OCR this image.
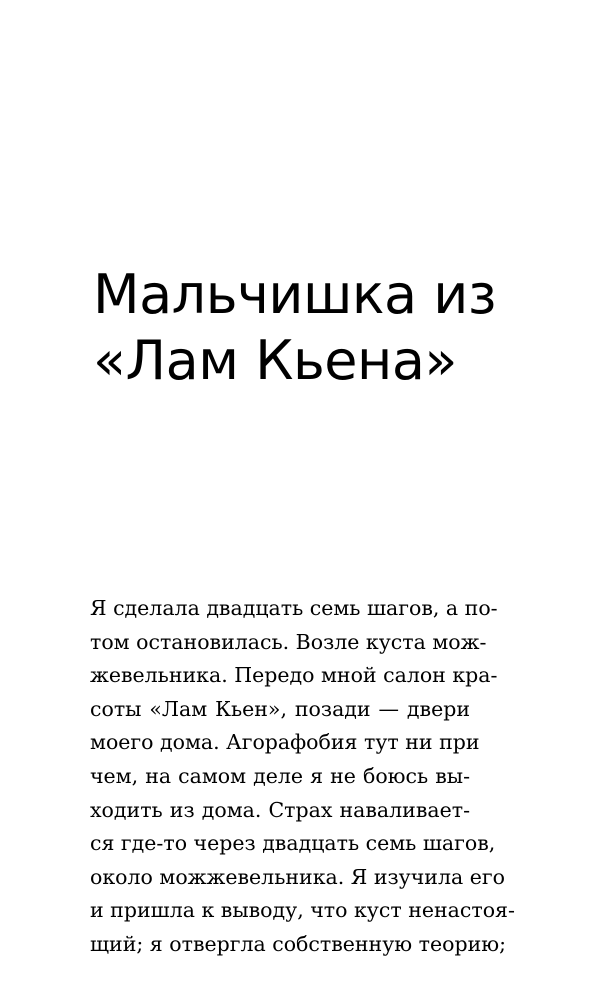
Мальчишка из
«Лам Кьена»
Я сделала двадцать семь шагов, а по-
том остановилась. Возле куста мож-
жевельника. Передо мной салон кра-
соты «Лам Кьен», позади — двери
моего дома. Агорафобия тут ни при
чем, на самом деле я не боюсь вы-
ходить из дома. Страх наваливает-
ся где-то через двадцать семь шагов,
около можжевельника. Я изучила его
и пришла к выводу, что куст ненастоя-
щий; я отвергла собственную теорию;
